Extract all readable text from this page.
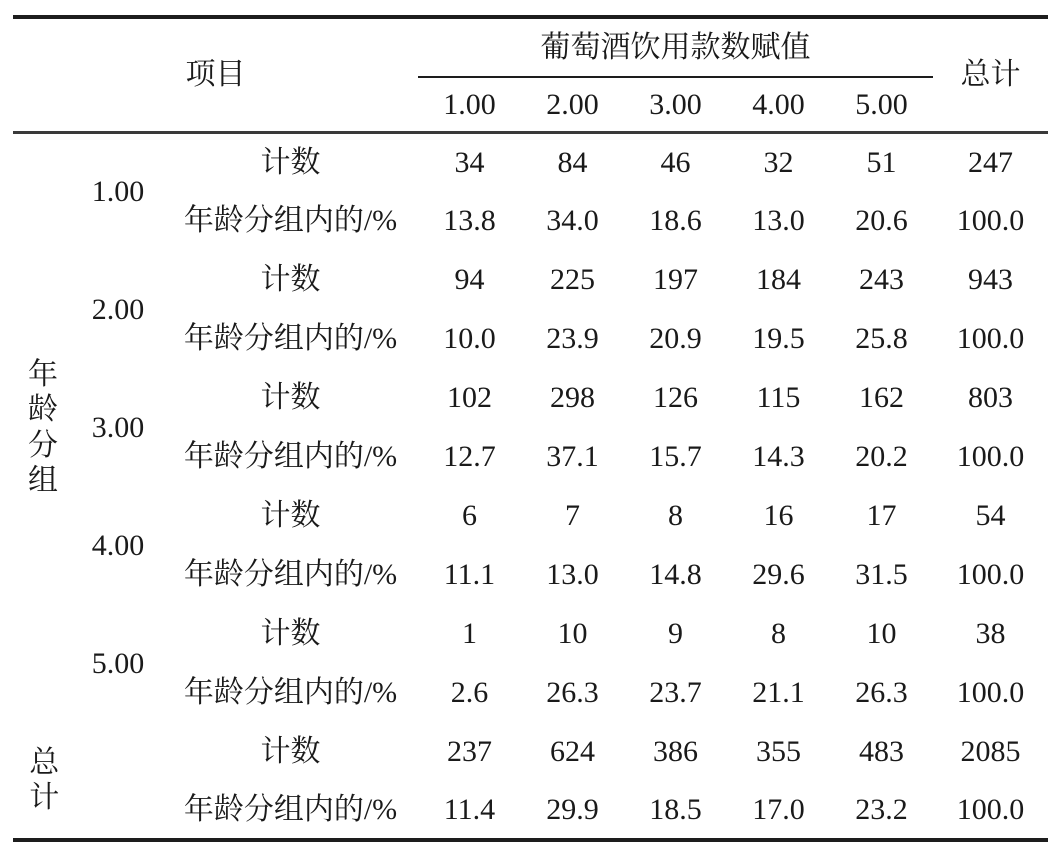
项目			葡萄酒饮用款数赋值					总计
			1.00	2.00	3.00	4.00	5.00	

年龄分组	1.00	计数	34	84	46	32	51	247
		年龄分组内的/%	13.8	34.0	18.6	13.0	20.6	100.0
	2.00	计数	94	225	197	184	243	943
		年龄分组内的/%	10.0	23.9	20.9	19.5	25.8	100.0
	3.00	计数	102	298	126	115	162	803
		年龄分组内的/%	12.7	37.1	15.7	14.3	20.2	100.0
	4.00	计数	6	7	8	16	17	54
		年龄分组内的/%	11.1	13.0	14.8	29.6	31.5	100.0
	5.00	计数	1	10	9	8	10	38
		年龄分组内的/%	2.6	26.3	23.7	21.1	26.3	100.0

总计		计数	237	624	386	355	483	2085
		年龄分组内的/%	11.4	29.9	18.5	17.0	23.2	100.0
